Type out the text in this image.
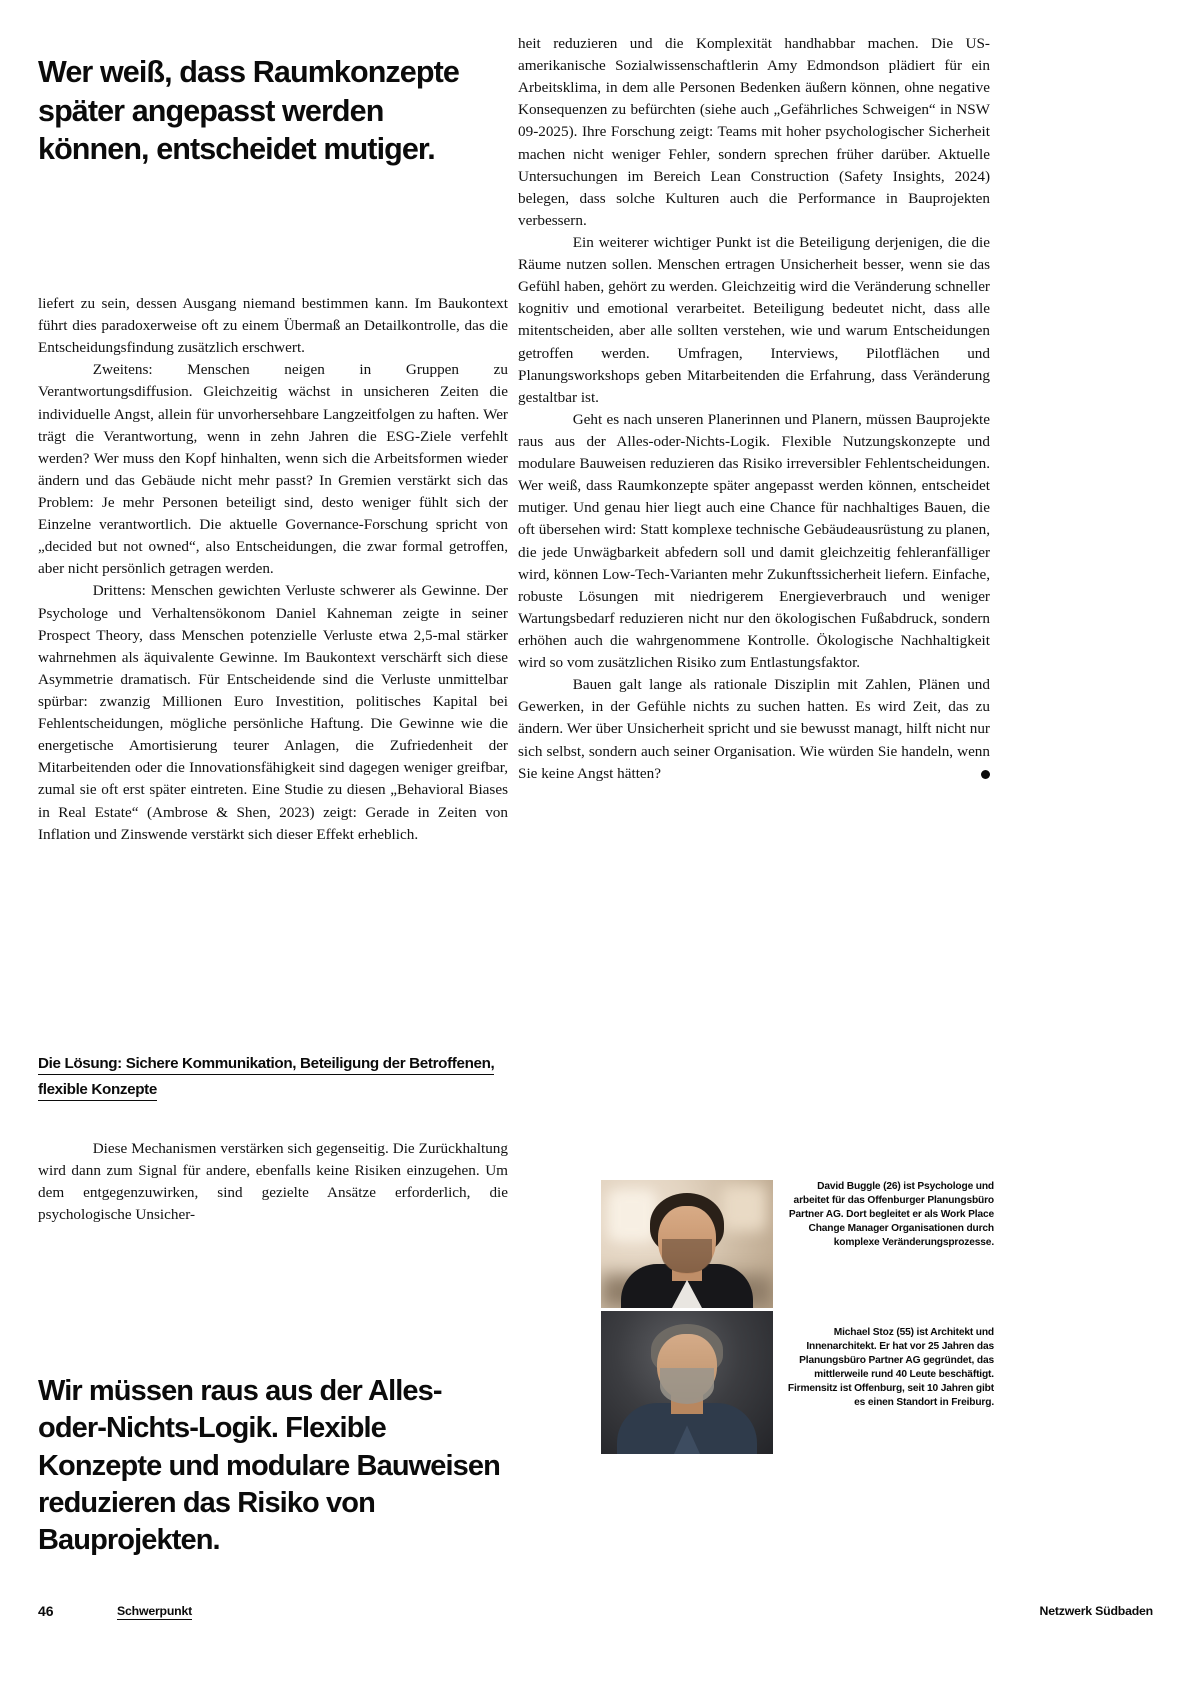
Wer weiß, dass Raumkonzepte später angepasst werden können, entscheidet mutiger.

liefert zu sein, dessen Ausgang niemand bestimmen kann. Im Baukontext führt dies paradoxerweise oft zu einem Übermaß an Detailkontrolle, das die Entscheidungsfindung zusätzlich erschwert.

Zweitens: Menschen neigen in Gruppen zu Verantwortungsdiffusion. Gleichzeitig wächst in unsicheren Zeiten die individuelle Angst, allein für unvorhersehbare Langzeitfolgen zu haften. Wer trägt die Verantwortung, wenn in zehn Jahren die ESG-Ziele verfehlt werden? Wer muss den Kopf hinhalten, wenn sich die Arbeitsformen wieder ändern und das Gebäude nicht mehr passt? In Gremien verstärkt sich das Problem: Je mehr Personen beteiligt sind, desto weniger fühlt sich der Einzelne verantwortlich. Die aktuelle Governance-Forschung spricht von „decided but not owned“, also Entscheidungen, die zwar formal getroffen, aber nicht persönlich getragen werden.

Drittens: Menschen gewichten Verluste schwerer als Gewinne. Der Psychologe und Verhaltensökonom Daniel Kahneman zeigte in seiner Prospect Theory, dass Menschen potenzielle Verluste etwa 2,5-mal stärker wahrnehmen als äquivalente Gewinne. Im Baukontext verschärft sich diese Asymmetrie dramatisch. Für Entscheidende sind die Verluste unmittelbar spürbar: zwanzig Millionen Euro Investition, politisches Kapital bei Fehlentscheidungen, mögliche persönliche Haftung. Die Gewinne wie die energetische Amortisierung teurer Anlagen, die Zufriedenheit der Mitarbeitenden oder die Innovationsfähigkeit sind dagegen weniger greifbar, zumal sie oft erst später eintreten. Eine Studie zu diesen „Behavioral Biases in Real Estate“ (Ambrose & Shen, 2023) zeigt: Gerade in Zeiten von Inflation und Zinswende verstärkt sich dieser Effekt erheblich.

Die Lösung: Sichere Kommunikation, Beteiligung der Betroffenen, flexible Konzepte

Diese Mechanismen verstärken sich gegenseitig. Die Zurückhaltung wird dann zum Signal für andere, ebenfalls keine Risiken einzugehen. Um dem entgegenzuwirken, sind gezielte Ansätze erforderlich, die psychologische Unsicher-

heit reduzieren und die Komplexität handhabbar machen. Die US-amerikanische Sozialwissenschaftlerin Amy Edmondson plädiert für ein Arbeitsklima, in dem alle Personen Bedenken äußern können, ohne negative Konsequenzen zu befürchten (siehe auch „Gefährliches Schweigen“ in NSW 09-2025). Ihre Forschung zeigt: Teams mit hoher psychologischer Sicherheit machen nicht weniger Fehler, sondern sprechen früher darüber. Aktuelle Untersuchungen im Bereich Lean Construction (Safety Insights, 2024) belegen, dass solche Kulturen auch die Performance in Bauprojekten verbessern.

Ein weiterer wichtiger Punkt ist die Beteiligung derjenigen, die die Räume nutzen sollen. Menschen ertragen Unsicherheit besser, wenn sie das Gefühl haben, gehört zu werden. Gleichzeitig wird die Veränderung schneller kognitiv und emotional verarbeitet. Beteiligung bedeutet nicht, dass alle mitentscheiden, aber alle sollten verstehen, wie und warum Entscheidungen getroffen werden. Umfragen, Interviews, Pilotflächen und Planungsworkshops geben Mitarbeitenden die Erfahrung, dass Veränderung gestaltbar ist.

Geht es nach unseren Planerinnen und Planern, müssen Bauprojekte raus aus der Alles-oder-Nichts-Logik. Flexible Nutzungskonzepte und modulare Bauweisen reduzieren das Risiko irreversibler Fehlentscheidungen. Wer weiß, dass Raumkonzepte später angepasst werden können, entscheidet mutiger. Und genau hier liegt auch eine Chance für nachhaltiges Bauen, die oft übersehen wird: Statt komplexe technische Gebäudeausrüstung zu planen, die jede Unwägbarkeit abfedern soll und damit gleichzeitig fehleranfälliger wird, können Low-Tech-Varianten mehr Zukunftssicherheit liefern. Einfache, robuste Lösungen mit niedrigerem Energieverbrauch und weniger Wartungsbedarf reduzieren nicht nur den ökologischen Fußabdruck, sondern erhöhen auch die wahrgenommene Kontrolle. Ökologische Nachhaltigkeit wird so vom zusätzlichen Risiko zum Entlastungsfaktor.

Bauen galt lange als rationale Disziplin mit Zahlen, Plänen und Gewerken, in der Gefühle nichts zu suchen hatten. Es wird Zeit, das zu ändern. Wer über Unsicherheit spricht und sie bewusst managt, hilft nicht nur sich selbst, sondern auch seiner Organisation. Wie würden Sie handeln, wenn Sie keine Angst hätten?

Wir müssen raus aus der Alles-oder-Nichts-Logik. Flexible Konzepte und modulare Bauweisen reduzieren das Risiko von Bauprojekten.
David Buggle (26) ist Psychologe und arbeitet für das Offenburger Planungsbüro Partner AG. Dort begleitet er als Work Place Change Manager Organisationen durch komplexe Veränderungsprozesse.
Michael Stoz (55) ist Architekt und Innenarchitekt. Er hat vor 25 Jahren das Planungsbüro Partner AG gegründet, das mittlerweile rund 40 Leute beschäftigt. Firmensitz ist Offenburg, seit 10 Jahren gibt es einen Standort in Freiburg.
46	Schwerpunkt	Netzwerk Südbaden
